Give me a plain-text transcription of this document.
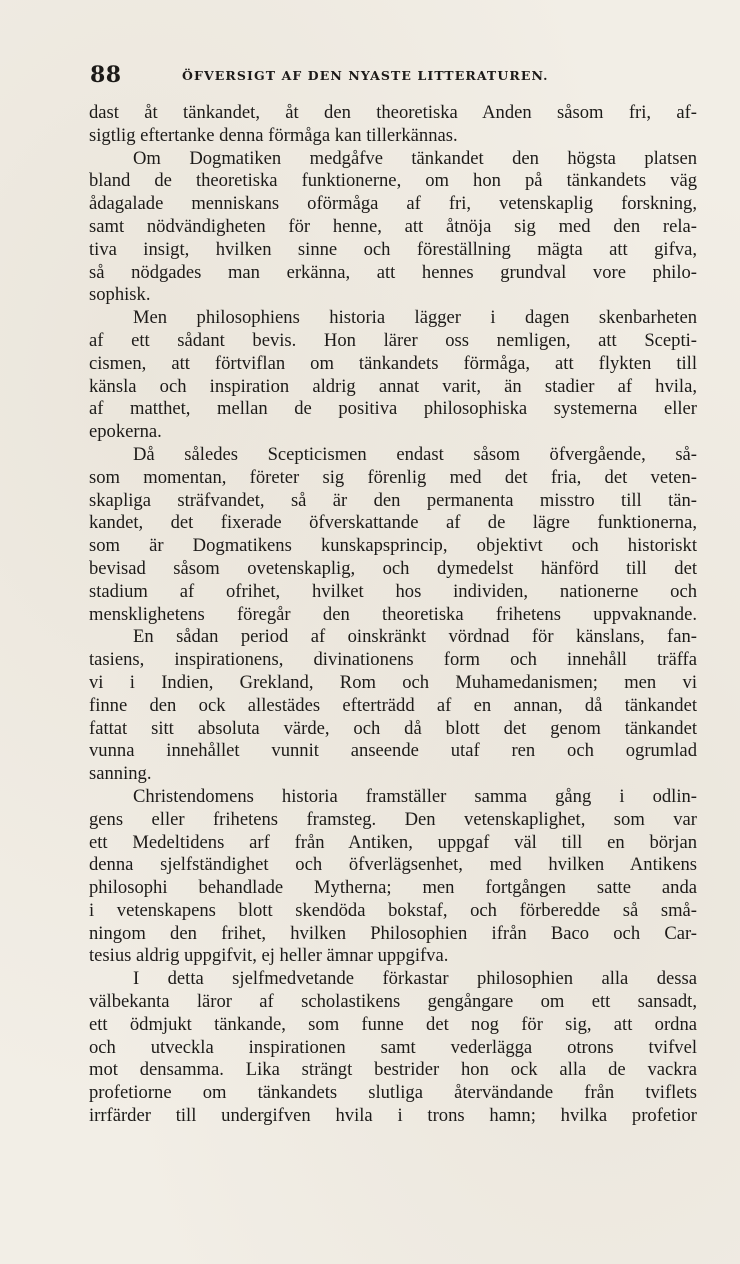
88	ÖFVERSIGT AF DEN NYASTE LITTERATUREN.
dast åt tänkandet, åt den theoretiska Anden såsom fri, af-
sigtlig eftertanke denna förmåga kan tillerkännas.
Om Dogmatiken medgåfve tänkandet den högsta platsen
bland de theoretiska funktionerne, om hon på tänkandets väg
ådagalade menniskans oförmåga af fri, vetenskaplig forskning,
samt nödvändigheten för henne, att åtnöja sig med den rela-
tiva insigt, hvilken sinne och föreställning mägta att gifva,
så nödgades man erkänna, att hennes grundval vore philo-
sophisk.
Men philosophiens historia lägger i dagen skenbarheten
af ett sådant bevis. Hon lärer oss nemligen, att Scepti-
cismen, att förtviflan om tänkandets förmåga, att flykten till
känsla och inspiration aldrig annat varit, än stadier af hvila,
af matthet, mellan de positiva philosophiska systemerna eller
epokerna.
Då således Scepticismen endast såsom öfvergående, så-
som momentan, företer sig förenlig med det fria, det veten-
skapliga sträfvandet, så är den permanenta misstro till tän-
kandet, det fixerade öfverskattande af de lägre funktionerna,
som är Dogmatikens kunskapsprincip, objektivt och historiskt
bevisad såsom ovetenskaplig, och dymedelst hänförd till det
stadium af ofrihet, hvilket hos individen, nationerne och
mensklighetens föregår den theoretiska frihetens uppvaknande.
En sådan period af oinskränkt vördnad för känslans, fan-
tasiens, inspirationens, divinationens form och innehåll träffa
vi i Indien, Grekland, Rom och Muhamedanismen; men vi
finne den ock allestädes efterträdd af en annan, då tänkandet
fattat sitt absoluta värde, och då blott det genom tänkandet
vunna innehållet vunnit anseende utaf ren och ogrumlad
sanning.
Christendomens historia framställer samma gång i odlin-
gens eller frihetens framsteg. Den vetenskaplighet, som var
ett Medeltidens arf från Antiken, uppgaf väl till en början
denna sjelfständighet och öfverlägsenhet, med hvilken Antikens
philosophi behandlade Mytherna; men fortgången satte anda
i vetenskapens blott skendöda bokstaf, och förberedde så små-
ningom den frihet, hvilken Philosophien ifrån Baco och Car-
tesius aldrig uppgifvit, ej heller ämnar uppgifva.
I detta sjelfmedvetande förkastar philosophien alla dessa
välbekanta läror af scholastikens gengångare om ett sansadt,
ett ödmjukt tänkande, som funne det nog för sig, att ordna
och utveckla inspirationen samt vederlägga otrons tvifvel
mot densamma. Lika strängt bestrider hon ock alla de vackra
profetiorne om tänkandets slutliga återvändande från tviflets
irrfärder till undergifven hvila i trons hamn; hvilka profetior
